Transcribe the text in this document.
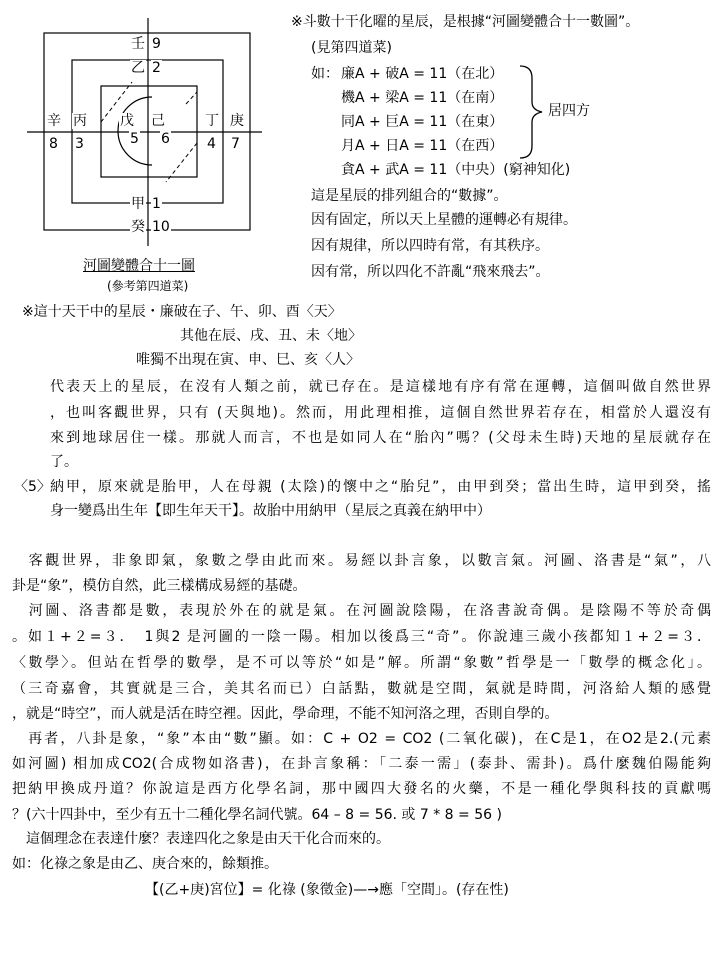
壬 9
乙 2
辛 丙 戊 己	丁 庚
8 3	5 6	4 7
甲 1
癸 10
河圖變體合十一圖
(參考第四道菜)
※斗數十干化曜的星辰，是根據“河圖變體合十一數圖”。
(見第四道菜)
如： 廉A + 破A = 11（在北）
機A + 梁A = 11（在南）
同A + 巨A = 11（在東）
月A + 日A = 11（在西）
貪A + 武A = 11（中央）(窮神知化)
居四方
這是星辰的排列組合的“數據”。
因有固定，所以天上星體的運轉必有規律。
因有規律，所以四時有常，有其秩序。
因有常，所以四化不許亂“飛來飛去”。
※這十天干中的星辰・廉破在子、午、卯、酉〈天〉
其他在辰、戌、丑、未〈地〉
唯獨不出現在寅、申、巳、亥〈人〉
代表天上的星辰，在沒有人類之前，就已存在。是這樣地有序有常在運轉，這個叫做自然世界
，也叫客觀世界，只有 (天與地)。然而，用此理相推，這個自然世界若存在，相當於人還沒有
來到地球居住一樣。那就人而言，不也是如同人在“胎內”嗎？(父母未生時)天地的星辰就存在
了。
〈5〉 納甲，原來就是胎甲，人在母親 (太陰)的懷中之“胎兒”，由甲到癸；當出生時，這甲到癸，搖
身一變爲出生年【即生年天干】。故胎中用納甲（星辰之真義在納甲中）
　客觀世界，非象即氣，象數之學由此而來。易經以卦言象，以數言氣。河圖、洛書是“氣”，八
卦是“象”，模仿自然，此三樣構成易經的基礎。
　河圖、洛書都是數，表現於外在的就是氣。在河圖說陰陽，在洛書說奇偶。是陰陽不等於奇偶
。如１+２=３．　1與2 是河圖的一陰一陽。相加以後爲三“奇”。你說連三歲小孩都知１+２=３．
〈數學〉。但站在哲學的數學，是不可以等於“如是”解。所謂“象數”哲學是一「數學的概念化」。
（三奇嘉會，其實就是三合，美其名而已）白話點，數就是空間，氣就是時間，河洛給人類的感覺
，就是“時空”，而人就是活在時空裡。因此，學命理，不能不知河洛之理，否則自學的。
　再者，八卦是象，“象”本由“數”顯。如：C + O2 = CO2 (二氧化碳)，在C是1，在O2是2.(元素
如河圖) 相加成CO2(合成物如洛書)，在卦言象稱：「二泰一需」(泰卦、需卦)。爲什麼魏伯陽能夠
把納甲換成丹道？你說這是西方化學名詞，那中國四大發名的火藥，不是一種化學與科技的貢獻嗎
？(六十四卦中，至少有五十二種化學名詞代號。64 – 8 = 56. 或 7 * 8 = 56 )
　這個理念在表達什麼？表達四化之象是由天干化合而來的。
如：化祿之象是由乙、庚合來的，餘類推。
【(乙+庚)宮位】= 化祿 (象徵金)—→應「空間」。(存在性)
